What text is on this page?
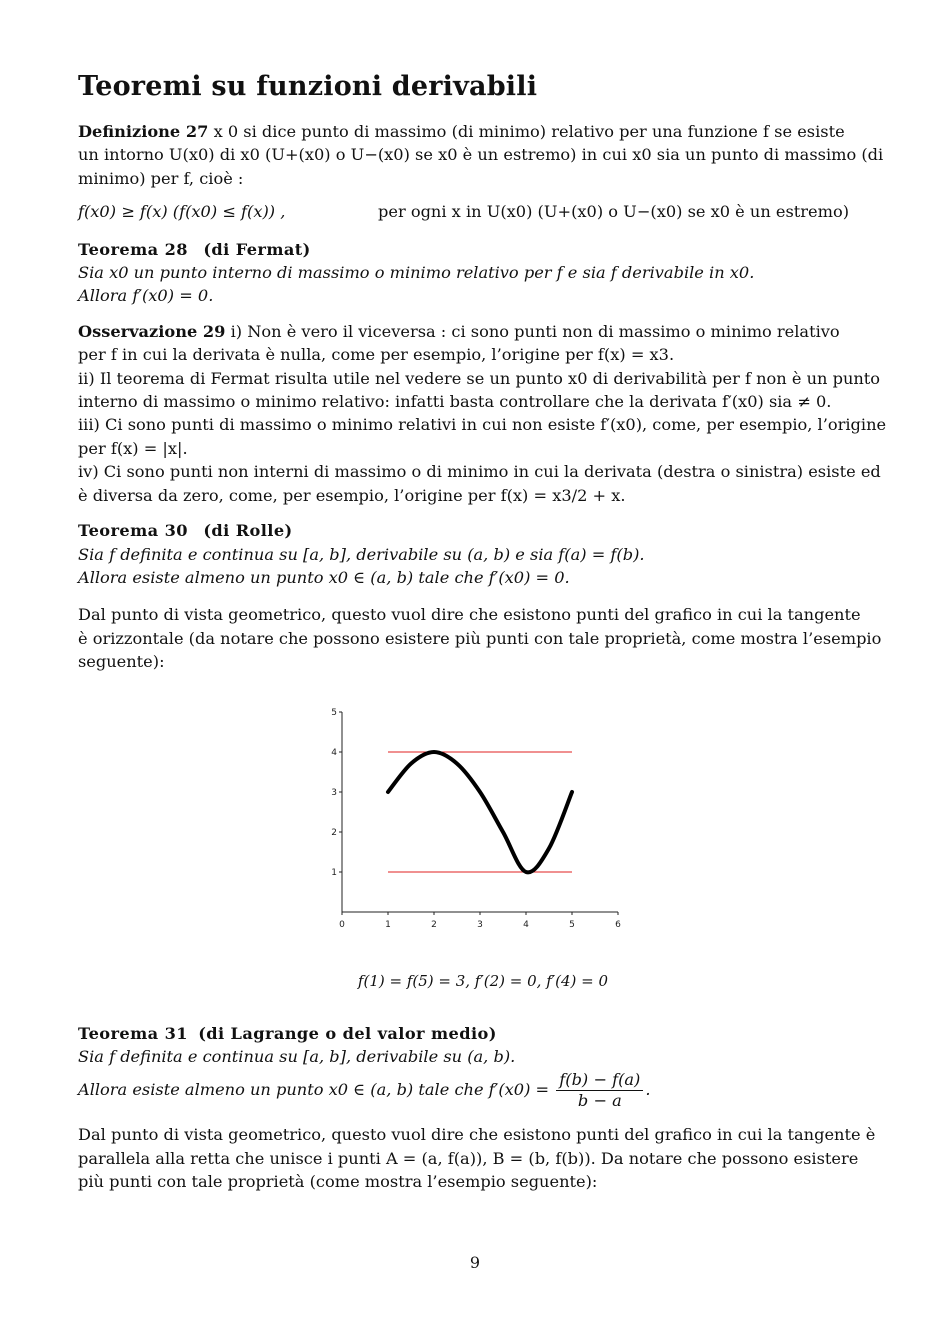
Teoremi su funzioni derivabili

Definizione 27 x 0 si dice punto di massimo (di minimo) relativo per una funzione f se esiste

un intorno U(x0) di x0 (U+(x0) o U−(x0) se x0 è un estremo) in cui x0 sia un punto di massimo (di

minimo) per f, cioè :

f(x0) ≥ f(x) (f(x0) ≤ f(x)) ,	per ogni x in U(x0) (U+(x0) o U−(x0) se x0 è un estremo)

Teorema 28 (di Fermat)

Sia x0 un punto interno di massimo o minimo relativo per f e sia f derivabile in x0.

Allora f′(x0) = 0.

Osservazione 29 i) Non è vero il viceversa : ci sono punti non di massimo o minimo relativo

per f in cui la derivata è nulla, come per esempio, l’origine per f(x) = x3.

ii) Il teorema di Fermat risulta utile nel vedere se un punto x0 di derivabilità per f non è un punto

interno di massimo o minimo relativo: infatti basta controllare che la derivata f′(x0) sia ≠ 0.

iii) Ci sono punti di massimo o minimo relativi in cui non esiste f′(x0), come, per esempio, l’origine

per f(x) = |x|.

iv) Ci sono punti non interni di massimo o di minimo in cui la derivata (destra o sinistra) esiste ed

è diversa da zero, come, per esempio, l’origine per f(x) = x3/2 + x.

Teorema 30 (di Rolle)

Sia f definita e continua su [a, b], derivabile su (a, b) e sia f(a) = f(b).

Allora esiste almeno un punto x0 ∈ (a, b) tale che f′(x0) = 0.

Dal punto di vista geometrico, questo vuol dire che esistono punti del grafico in cui la tangente

è orizzontale (da notare che possono esistere più punti con tale proprietà, come mostra l’esempio

seguente):

0	1	2	3	4	5	6
1
2
3
4
5
f(1) = f(5) = 3, f′(2) = 0, f′(4) = 0

Teorema 31 (di Lagrange o del valor medio)

Sia f definita e continua su [a, b], derivabile su (a, b).

Allora esiste almeno un punto x0 ∈ (a, b) tale che $f'(x0) = \frac{f(b) - f(a)}{b - a}$ .

Dal punto di vista geometrico, questo vuol dire che esistono punti del grafico in cui la tangente è

parallela alla retta che unisce i punti A = (a, f(a)), B = (b, f(b)). Da notare che possono esistere

più punti con tale proprietà (come mostra l’esempio seguente):

9
